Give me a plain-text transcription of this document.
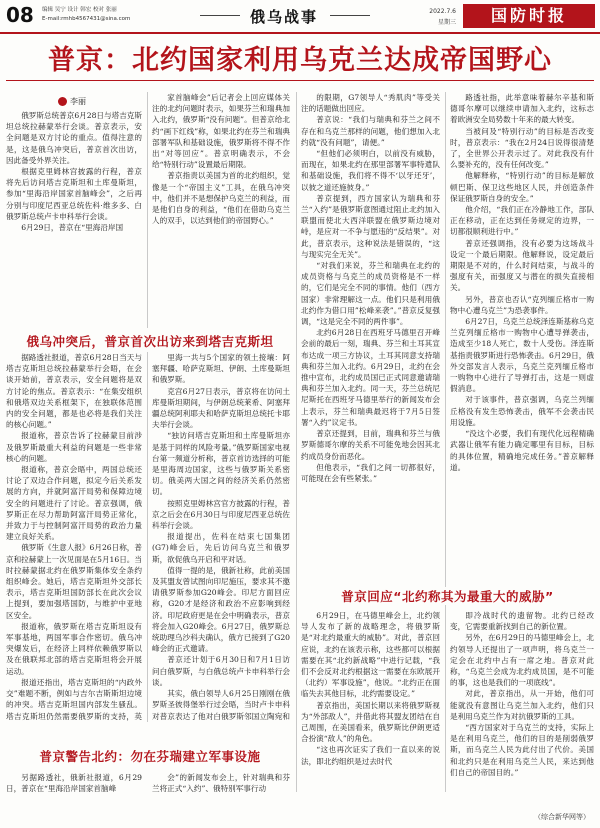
08 编辑 吴宁 设计 韩宏 校对 张丽
E-mail:rmhb4567431@sina.com	俄乌战事	2022.7.6
星期三	国防时报
普京：北约国家利用乌克兰达成帝国野心
李丽

俄罗斯总统普京6月28日与塔吉克斯坦总统拉赫蒙举行会谈。普京表示，安全问题是双方讨论的重点。值得注意的是，这是俄乌冲突后，普京首次出访，因此备受外界关注。

根据克里姆林宫披露的行程，普京将先后访问塔吉克斯坦和土库曼斯坦，参加“里海沿岸国家首脑峰会”，之后再分别与印度尼西亚总统佐科·维多多、白俄罗斯总统卢卡申科举行会谈。

6月29日，普京在“里海沿岸国

家首脑峰会”后记者会上回应媒体关注的北约问题时表示，如果芬兰和瑞典加入北约，俄罗斯“没有问题”。但普京给北约“画下红线”称，如果北约在芬兰和瑞典部署军队和基础设施，俄罗斯将不得不作出“对等回应”。普京明确表示，不会给“特别行动”设置最后期限。

普京指责以美国为首的北约组织，觉像是一个“帝国主义”工具，在俄乌冲突中，他们并不是想保护乌克兰的利益，而是他们自身的利益，“他们在借助乌克兰人的双手，以达到他们的帝国野心。”

俄乌冲突后，普京首次出访来到塔吉克斯坦

据路透社报道，普京6月28日当天与塔吉克斯坦总统拉赫蒙举行会晤，在会谈开始前，普京表示，安全问题将是双方讨论的焦点。普京表示：“在集安组织和俄塔双边关系框架下，在独联体范围内的安全问题，都是也必将是我们关注的核心问题。”

报道称，普京告诉了拉赫蒙目前涉及俄罗斯最重大利益的问题是一些非常核心的问题。

报道称，普京会晤中，两国总统还讨论了双边合作问题，拟定今后关系发展的方向，并就阿富汗局势和保障边境安全的问题进行了讨论。普京强调，俄罗斯正在尽力帮助阿富汗局势正常化，并致力于与控制阿富汗局势的政治力量建立良好关系。

俄罗斯《生意人报》6月26日称，普京和拉赫蒙上一次见面是在5月16日。当时拉赫蒙据北约在俄罗斯集体安全条约组织峰会。她后，塔吉克斯坦外交部长表示，塔吉克斯坦国防部长在此次会议上提到，要加强塔国防，与维护中亚地区安全。

报道称，俄罗斯在塔吉克斯坦设有军事基地，两国军事合作密切。俄乌冲突爆发后，在经济上同样依赖俄罗斯以及在俄联邦北部的塔吉克斯坦将会开展运动。

报道还指出，塔吉克斯坦的“内政外交”难题不断，例如与吉尔吉斯斯坦边境的冲突。塔吉克斯坦国内部发生骚乱。塔吉克斯坦仍然需要俄罗斯的支持，英

里海一共与5个国家的领土接壤：阿塞拜疆、哈萨克斯坦、伊朗、土库曼斯坦和俄罗斯。

克宫6月27日表示，普京将在访问土库曼斯坦期间，与伊朗总统莱希、阿塞拜疆总统阿利耶夫和哈萨克斯坦总统托卡耶夫举行会谈。

“独访问塔吉克斯坦和土库曼斯坦亦是基于同样的风险考量。”俄罗斯国家电视台第一频道分析称，普京首访选择的可能是里海周边国家，这些与俄罗斯关系密切。俄美两大国之间的经济关系仍然密切。

按照克里姆林宫官方披露的行程，普京之后会在6月30日与印度尼西亚总统佐科举行会谈。

报道提出，佐科在结束七国集团(G7)峰会后，先后访问乌克兰和俄罗斯，欲促俄乌开启和平对话。

值得一提的是，俄新社称，此前美国及其盟友曾试图向印尼施压，要求其不邀请俄罗斯参加G20峰会。印尼方面回应称，G20才是经济和政治不应影响到经济。印尼政府更是在会中明确表示，普京将会加入G20峰会。6月27日，俄罗斯总统助理乌沙科夫确认，俄方已接到了G20峰会的正式邀请。

普京还计划于6月30日和7月1日访问白俄罗斯，与白俄总统卢卡申科举行会谈。

其实，俄白领导人6月25日刚刚在俄罗斯圣彼得堡举行过会晤，当时卢卡申科对普京表达了他对白俄罗斯邻国立陶宛和

普京警告北约：勿在芬瑞建立军事设施

另据路透社，俄新社报道，6月29日，普京在“里海沿岸国家首脑峰

会”的新闻发布会上，针对瑞典和芬兰将正式“入约”、俄特别军事行动

的限期，G7领导人“秀肌肉”等受关注的话题做出回应。

普京说：“我们与瑞典和芬兰之间不存在和乌克兰那样的问题，他们想加入北约就“没有问题”，请便。”

“但他们必须明白，以前没有威胁，而现在，如果北约在那里部署军事特遣队和基础设施，我们将不得不‘以牙还牙’，以彼之道还施彼身。”

普京提到，西方国家认为瑞典和芬兰“入约”是俄罗斯意图通过阻止北约加入联盟而使北大西洋联盟在俄罗斯边境对峙，是应对一不争与愿违的“反结果”。对此，普京表示，这种说法是错误的，“这与现实完全无关”。

“对我们来说，芬兰和瑞典在北约的成员资格与乌克兰的成员资格是不一样的，它们是完全不同的事情。他们（西方国家）非常理解这一点。他们只是利用俄北约作为借口用”松峰来袭”。”普京反复强调，“这是完全不同的两件事”。

北约6月28日在西班牙马德里召开峰会前的最后一刻，瑞典、芬兰和土耳其宣布达成一项三方协议，土耳其同意支持瑞典和芬兰加入北约。6月29日，北约在会推中宣布，北约成员国已正式同意邀请瑞典和芬兰加入北约。同一天，芬兰总统尼尼斯托在西班牙马德里举行的新闻发布会上表示，芬兰和瑞典最迟将于7月5日签署“入约”议定书。

普京还提到，目前，瑞典和芬兰与俄罗斯德哥尔摩的关系不可能免地会因其北约成员身份而恶化。

但他表示，“我们之间一切都很好，可能现在会有些紧张。”

路透社指，此举意味着赫尔辛基和斯德哥尔摩可以继续申请加入北约，这标志着欧洲安全局势数十年来的最大转变。

当被问及“特别行动”的目标是否改变时，普京表示：“我在2月24日说得很清楚了，全世界公开表示过了。对此我没有什么要补充的，没有任何改变。”

他解释称，“特别行动”的目标是解放顿巴斯、保卫这些地区人民，并创造条件保证俄罗斯自身的安全。”

他介绍，“我们正在冷静地工作，部队正在移动，正在达到任务规定的边界，一切都很顺利进行中。”

普京还强调指，没有必要为这场战斗设定一个最后期限。他解释说，设定最后期限是不对的，什么时间结束，与战斗的强度有关，而强度又与潜在的损失直接相关。

另外，普京也否认“克列缅丘格市一购物中心遭乌克兰”为恐袭事件。

6月27日，乌克兰总统泽连斯基称乌克兰克列缅丘格市一购物中心遭导弹袭击，造成至少18人死亡，数十人受伤。泽连斯基指责俄罗斯进行恐怖袭击。6月29日，俄外交部发言人表示，乌克兰克列缅丘格市一购物中心进行了导弹打击，这是一则虚假消息。

对于该事件，普京强调，乌克兰列缅丘格没有发生恐怖袭击，俄军不会袭击民用设施。

“没这个必要，我们有现代化远程精确武器让俄军有能力确定哪里有目标，目标的具体位置，精确地完成任务。”普京解释道。

普京回应“北约称其为最重大的威胁”

6月29日，在马德里峰会上，北约领导人发布了新的战略理念，将俄罗斯是“对北约最重大的威胁”。对此，普京回应说，北约在该表示称，这些都可以根据需要在其“北约新战略”中进行记载，“我们不会反对北约根据这一需要在东欧展开（北约）军事设施”，他说。“北约正在面临失去其他目标，北约需要设定。”

普京指出，美国长期以来将俄罗斯视为“外部敌人”，并借此将其盟友团结在自己周围，在美国看来，俄罗斯比伊朗更适合扮演“敌人”的角色。

“这也再次证实了我们一直以来的说法，即北约组织是过去时代

即冷战时代的遗留物。北约已经改变，它需要重新找到自己的新位置。

另外，在6月29日的马德里峰会上，北约领导人还提出了一项声明，将乌克兰一定会在北约中占有一席之地。普京对此称，“乌克兰会成为北约成员国，是不可能的事，这也是我们的一项底线”。

对此，普京指出，从一开始，他们可能就没有意图让乌克兰加入北约，他们只是利用乌克兰作为对抗俄罗斯的工具。

“西方国家对于乌克兰的支持，实际上是在利用乌克兰，他们的目的是削弱俄罗斯，而乌克兰人民为此付出了代价。美国和北约只是在利用乌克兰人民，来达到他们自己的帝国目的。”

（综合新华网等）
